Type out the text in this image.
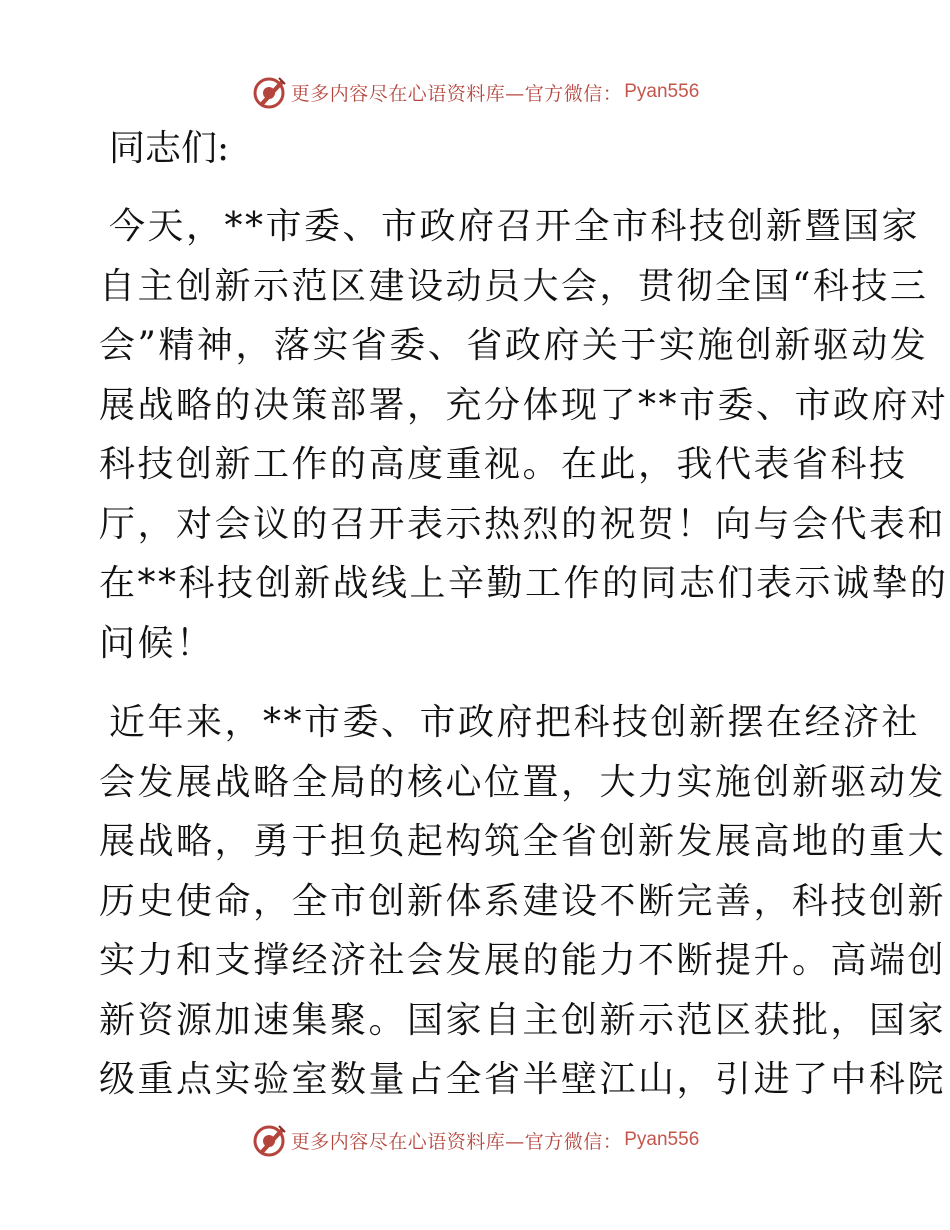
更多内容尽在心语资料库—官方微信： Pyan556

同志们:

今天，**市委、市政府召开全市科技创新暨国家
自主创新示范区建设动员大会，贯彻全国“科技三
会”精神，落实省委、省政府关于实施创新驱动发
展战略的决策部署，充分体现了**市委、市政府对
科技创新工作的高度重视。在此，我代表省科技
厅，对会议的召开表示热烈的祝贺！向与会代表和
在**科技创新战线上辛勤工作的同志们表示诚挚的
问候！
近年来，**市委、市政府把科技创新摆在经济社
会发展战略全局的核心位置，大力实施创新驱动发
展战略，勇于担负起构筑全省创新发展高地的重大
历史使命，全市创新体系建设不断完善，科技创新
实力和支撑经济社会发展的能力不断提升。高端创
新资源加速集聚。国家自主创新示范区获批，国家
级重点实验室数量占全省半壁江山，引进了中科院
更多内容尽在心语资料库—官方微信： Pyan556
